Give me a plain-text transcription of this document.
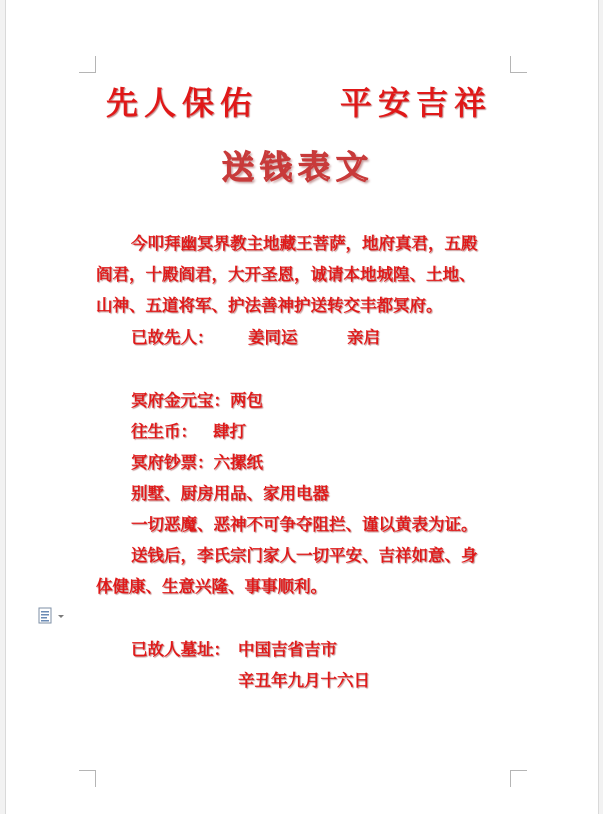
先人保佑	平安吉祥
送钱表文
今叩拜幽冥界教主地藏王菩萨，地府真君，五殿
阎君，十殿阎君，大开圣恩，诚请本地城隍、土地、
山神、五道将军、护法善神护送转交丰都冥府。
已故先人： 姜同运	亲启
冥府金元宝：两包
往生币： 肆打
冥府钞票：六摞纸
别墅、厨房用品、家用电器
一切恶魔、恶神不可争夺阻拦、谨以黄表为证。
送钱后，李氏宗门家人一切平安、吉祥如意、身
体健康、生意兴隆、事事顺利。
已故人墓址： 中国吉省吉市
辛丑年九月十六日
